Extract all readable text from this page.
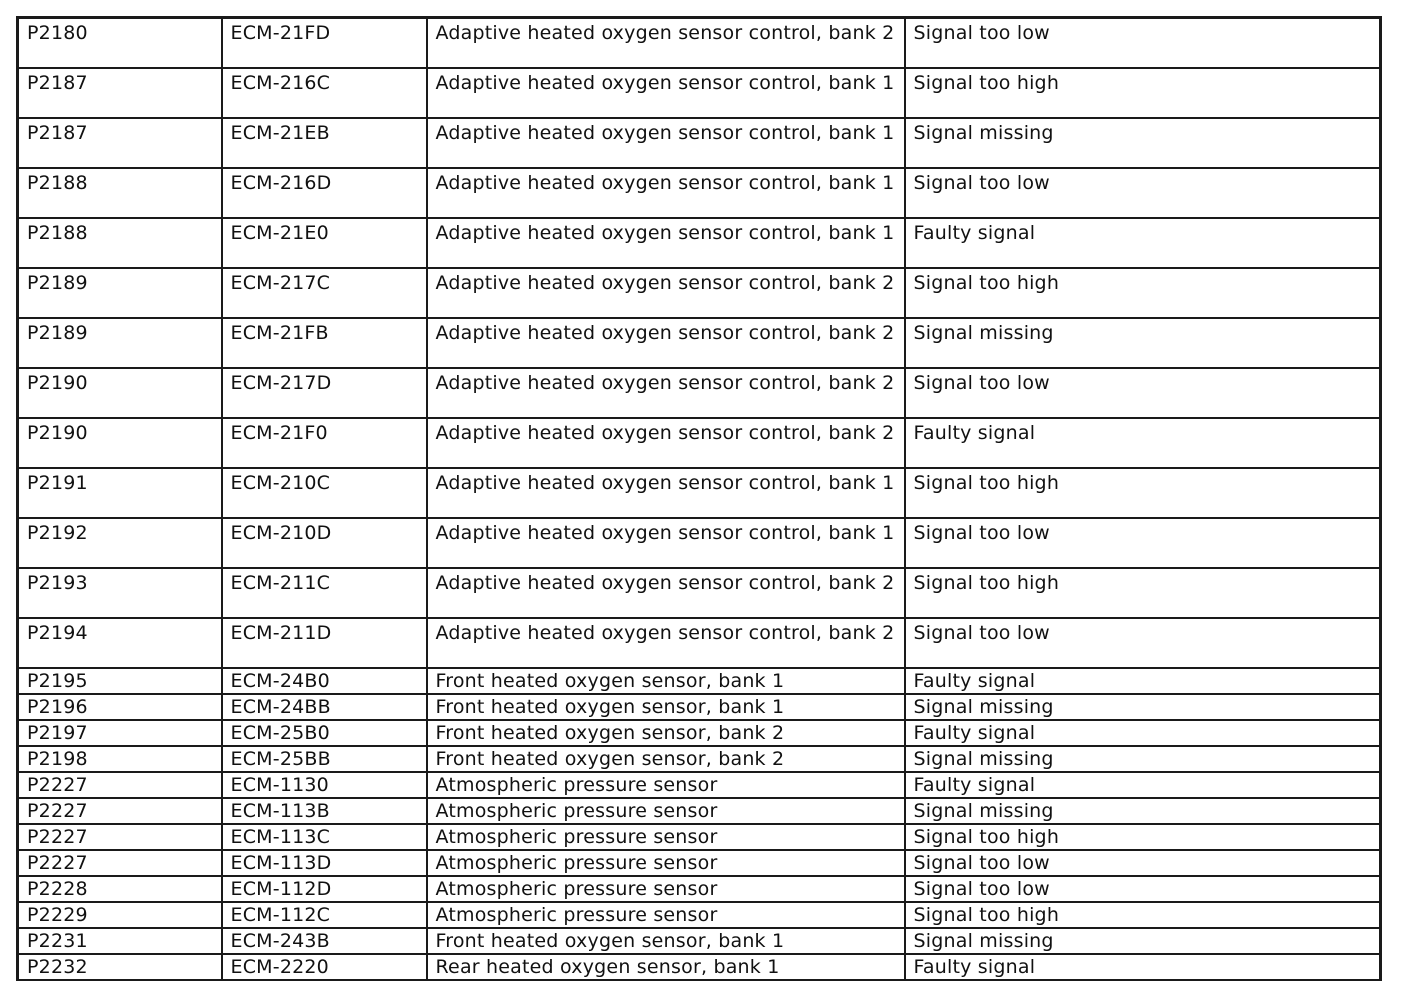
P2180	ECM-21FD	Adaptive heated oxygen sensor control, bank 2	Signal too low
P2187	ECM-216C	Adaptive heated oxygen sensor control, bank 1	Signal too high
P2187	ECM-21EB	Adaptive heated oxygen sensor control, bank 1	Signal missing
P2188	ECM-216D	Adaptive heated oxygen sensor control, bank 1	Signal too low
P2188	ECM-21E0	Adaptive heated oxygen sensor control, bank 1	Faulty signal
P2189	ECM-217C	Adaptive heated oxygen sensor control, bank 2	Signal too high
P2189	ECM-21FB	Adaptive heated oxygen sensor control, bank 2	Signal missing
P2190	ECM-217D	Adaptive heated oxygen sensor control, bank 2	Signal too low
P2190	ECM-21F0	Adaptive heated oxygen sensor control, bank 2	Faulty signal
P2191	ECM-210C	Adaptive heated oxygen sensor control, bank 1	Signal too high
P2192	ECM-210D	Adaptive heated oxygen sensor control, bank 1	Signal too low
P2193	ECM-211C	Adaptive heated oxygen sensor control, bank 2	Signal too high
P2194	ECM-211D	Adaptive heated oxygen sensor control, bank 2	Signal too low
P2195	ECM-24B0	Front heated oxygen sensor, bank 1	Faulty signal
P2196	ECM-24BB	Front heated oxygen sensor, bank 1	Signal missing
P2197	ECM-25B0	Front heated oxygen sensor, bank 2	Faulty signal
P2198	ECM-25BB	Front heated oxygen sensor, bank 2	Signal missing
P2227	ECM-1130	Atmospheric pressure sensor	Faulty signal
P2227	ECM-113B	Atmospheric pressure sensor	Signal missing
P2227	ECM-113C	Atmospheric pressure sensor	Signal too high
P2227	ECM-113D	Atmospheric pressure sensor	Signal too low
P2228	ECM-112D	Atmospheric pressure sensor	Signal too low
P2229	ECM-112C	Atmospheric pressure sensor	Signal too high
P2231	ECM-243B	Front heated oxygen sensor, bank 1	Signal missing
P2232	ECM-2220	Rear heated oxygen sensor, bank 1	Faulty signal
